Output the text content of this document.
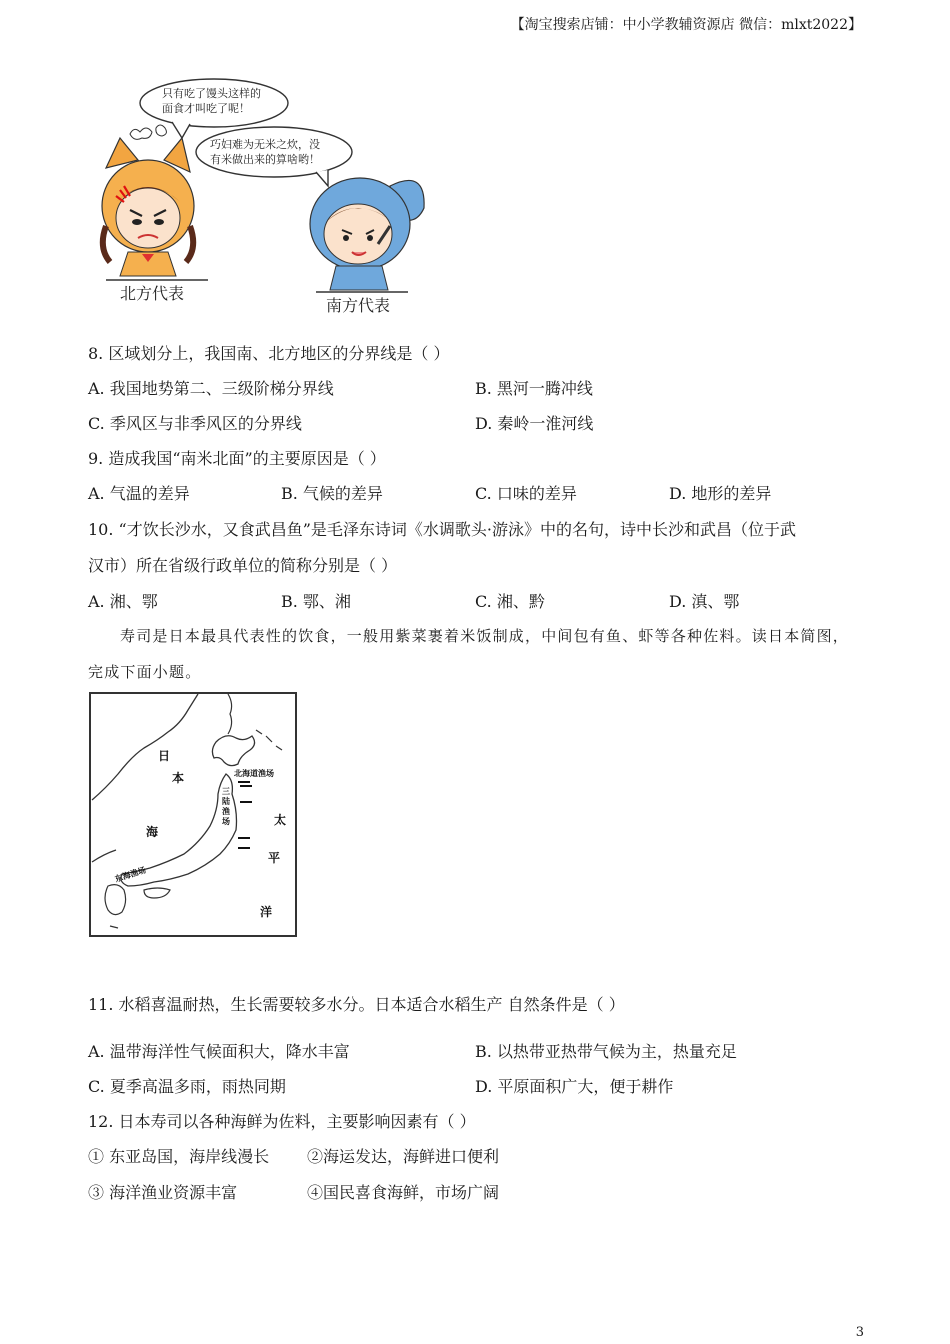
【淘宝搜索店铺：中小学教辅资源店 微信：mlxt2022】
只有吃了馒头这样的
面食才叫吃了呢！
巧妇难为无米之炊，没
有米做出来的算啥哟！
北方代表
南方代表
8. 区域划分上，我国南、北方地区的分界线是（ ）
A. 我国地势第二、三级阶梯分界线	B. 黑河一腾冲线
C. 季风区与非季风区的分界线	D. 秦岭一淮河线
9. 造成我国“南米北面”的主要原因是（ ）
A. 气温的差异	B. 气候的差异	C. 口味的差异	D. 地形的差异
10. “才饮长沙水，又食武昌鱼”是毛泽东诗词《水调歌头·游泳》中的名句，诗中长沙和武昌（位于武
汉市）所在省级行政单位的简称分别是（ ）
A. 湘、鄂	B. 鄂、湘	C. 湘、黔	D. 滇、鄂
寿司是日本最具代表性的饮食，一般用紫菜裹着米饭制成，中间包有鱼、虾等各种佐料。读日本简图，
完成下面小题。
日
本
海
太
平
洋
北海道渔场
三
陆
渔
场
东海渔场
11. 水稻喜温耐热，生长需要较多水分。日本适合水稻生产 自然条件是（ ）
A. 温带海洋性气候面积大，降水丰富	B. 以热带亚热带气候为主，热量充足
C. 夏季高温多雨，雨热同期	D. 平原面积广大，便于耕作
12. 日本寿司以各种海鲜为佐料，主要影响因素有（ ）
① 东亚岛国，海岸线漫长 ②海运发达，海鲜进口便利
③ 海洋渔业资源丰富	④国民喜食海鲜，市场广阔
3
